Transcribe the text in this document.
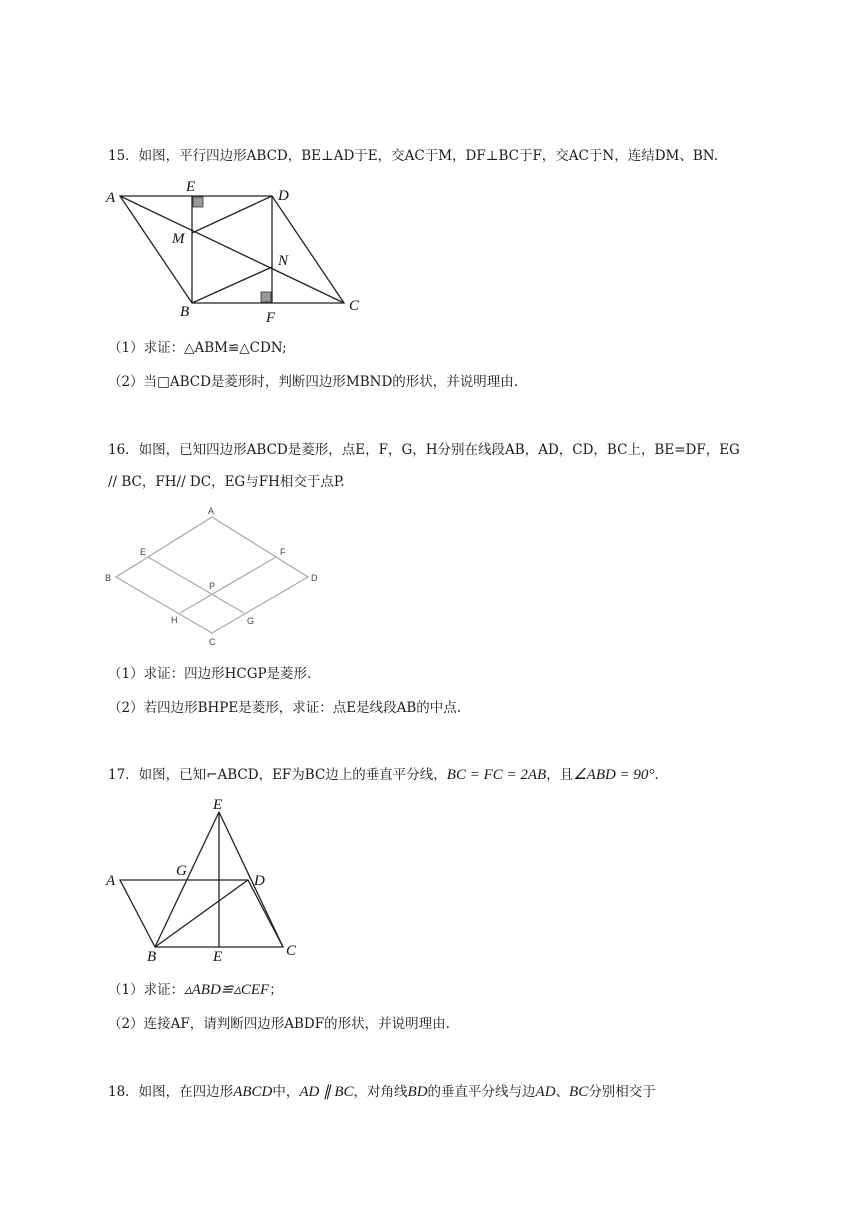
15．如图，平行四边形ABCD，BE⊥AD于E，交AC于M，DF⊥BC于F，交AC于N，连结DM、BN.
A
E
D
M
N
B	F
C
（1）求证：△ABM≌△CDN;
（2）当□ABCD是菱形时，判断四边形MBND的形状，并说明理由.
16．如图，已知四边形ABCD是菱形，点E，F，G，H分别在线段AB，AD，CD，BC上，BE=DF，EG
// BC，FH// DC，EG与FH相交于点P.
A
E	F
B
P
D
H	G
C
（1）求证：四边形HCGP是菱形.
（2）若四边形BHPE是菱形，求证：点E是线段AB的中点.
17．如图，已知⌐ABCD，EF为BC边上的垂直平分线，BC = FC = 2AB，且∠ABD = 90°．
E
G
A	D
B	E	C
（1）求证：▵ABD≌▵CEF；
（2）连接AF，请判断四边形ABDF的形状，并说明理由.
18．如图，在四边形ABCD中，AD ∥ BC，对角线BD的垂直平分线与边AD、BC分别相交于
